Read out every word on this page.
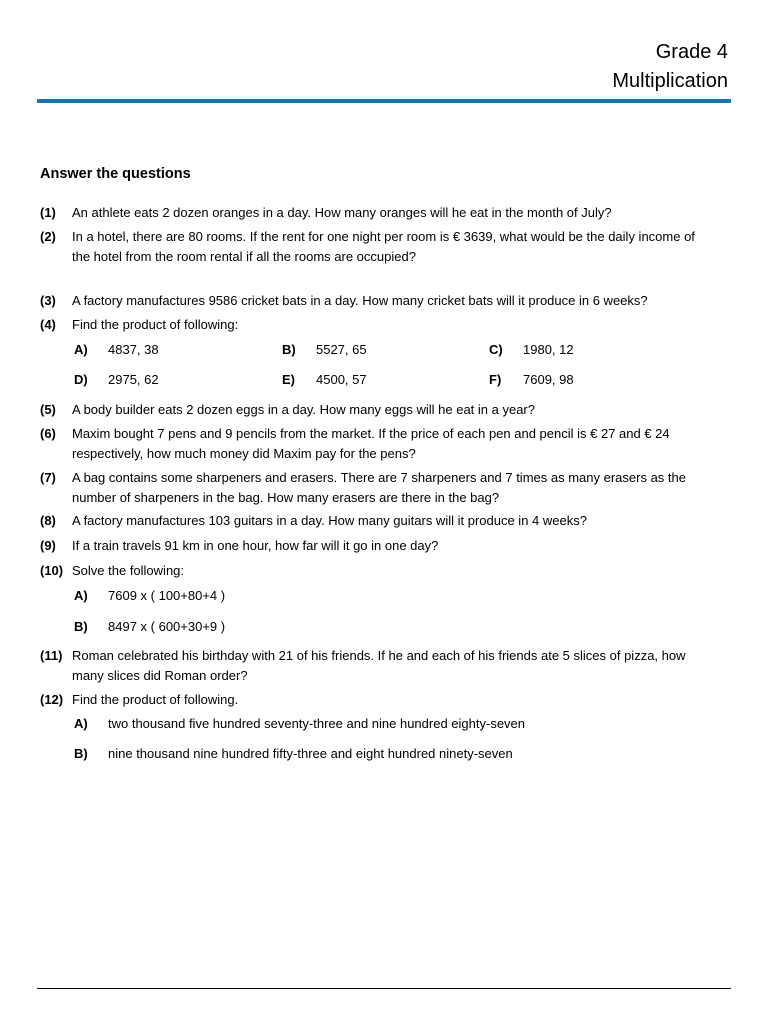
Grade 4
Multiplication
Answer the questions
(1) An athlete eats 2 dozen oranges in a day. How many oranges will he eat in the month of July?
(2) In a hotel, there are 80 rooms. If the rent for one night per room is € 3639, what would be the daily income of the hotel from the room rental if all the rooms are occupied?
(3) A factory manufactures 9586 cricket bats in a day. How many cricket bats will it produce in 6 weeks?
(4) Find the product of following:
A) 4837, 38	B) 5527, 65	C) 1980, 12
D) 2975, 62	E) 4500, 57	F) 7609, 98
(5) A body builder eats 2 dozen eggs in a day. How many eggs will he eat in a year?
(6) Maxim bought 7 pens and 9 pencils from the market. If the price of each pen and pencil is € 27 and € 24 respectively, how much money did Maxim pay for the pens?
(7) A bag contains some sharpeners and erasers. There are 7 sharpeners and 7 times as many erasers as the number of sharpeners in the bag. How many erasers are there in the bag?
(8) A factory manufactures 103 guitars in a day. How many guitars will it produce in 4 weeks?
(9) If a train travels 91 km in one hour, how far will it go in one day?
(10) Solve the following:
A) 7609 x ( 100+80+4 )
B) 8497 x ( 600+30+9 )
(11) Roman celebrated his birthday with 21 of his friends. If he and each of his friends ate 5 slices of pizza, how many slices did Roman order?
(12) Find the product of following.
A) two thousand five hundred seventy-three and nine hundred eighty-seven
B) nine thousand nine hundred fifty-three and eight hundred ninety-seven
